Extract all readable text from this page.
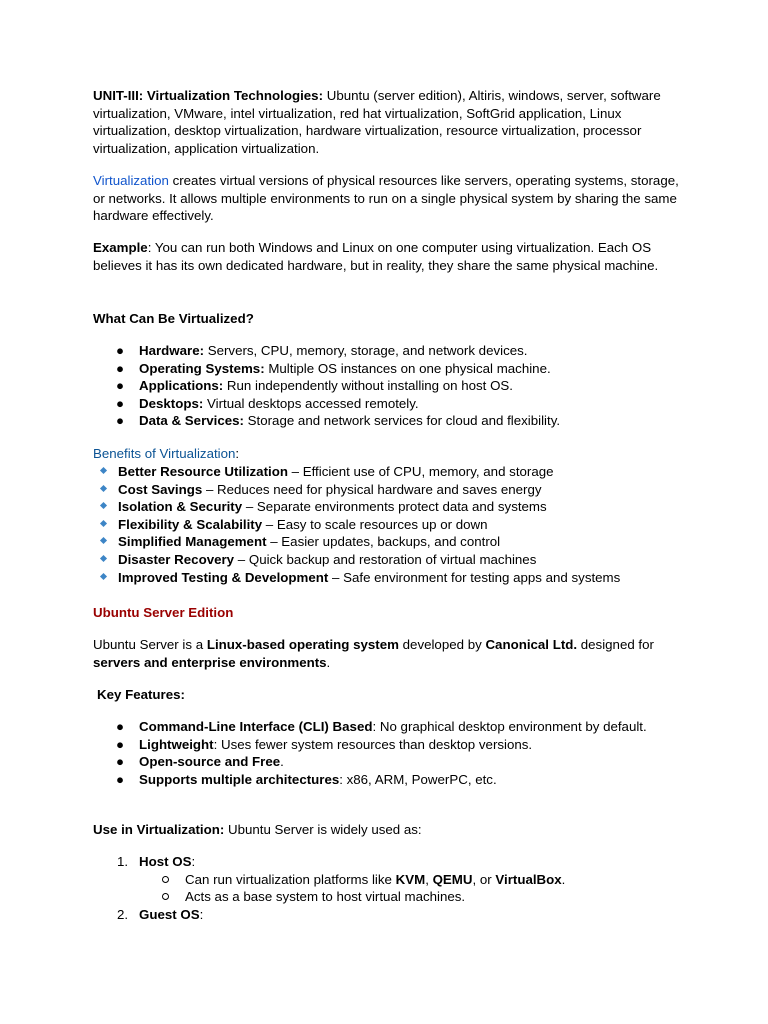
UNIT-III: Virtualization Technologies: Ubuntu (server edition), Altiris, windows, server, software virtualization, VMware, intel virtualization, red hat virtualization, SoftGrid application, Linux virtualization, desktop virtualization, hardware virtualization, resource virtualization, processor virtualization, application virtualization.

Virtualization creates virtual versions of physical resources like servers, operating systems, storage, or networks. It allows multiple environments to run on a single physical system by sharing the same hardware effectively.

Example: You can run both Windows and Linux on one computer using virtualization. Each OS believes it has its own dedicated hardware, but in reality, they share the same physical machine.

What Can Be Virtualized?

● Hardware: Servers, CPU, memory, storage, and network devices.
● Operating Systems: Multiple OS instances on one physical machine.
● Applications: Run independently without installing on host OS.
● Desktops: Virtual desktops accessed remotely.
● Data & Services: Storage and network services for cloud and flexibility.

Benefits of Virtualization:

Better Resource Utilization – Efficient use of CPU, memory, and storage
Cost Savings – Reduces need for physical hardware and saves energy
Isolation & Security – Separate environments protect data and systems
Flexibility & Scalability – Easy to scale resources up or down
Simplified Management – Easier updates, backups, and control
Disaster Recovery – Quick backup and restoration of virtual machines
Improved Testing & Development – Safe environment for testing apps and systems

Ubuntu Server Edition

Ubuntu Server is a Linux-based operating system developed by Canonical Ltd. designed for servers and enterprise environments.

Key Features:

● Command-Line Interface (CLI) Based: No graphical desktop environment by default.
● Lightweight: Uses fewer system resources than desktop versions.
● Open-source and Free.
● Supports multiple architectures: x86, ARM, PowerPC, etc.

Use in Virtualization: Ubuntu Server is widely used as:

1. Host OS:
Can run virtualization platforms like KVM, QEMU, or VirtualBox.
Acts as a base system to host virtual machines.
2. Guest OS:
